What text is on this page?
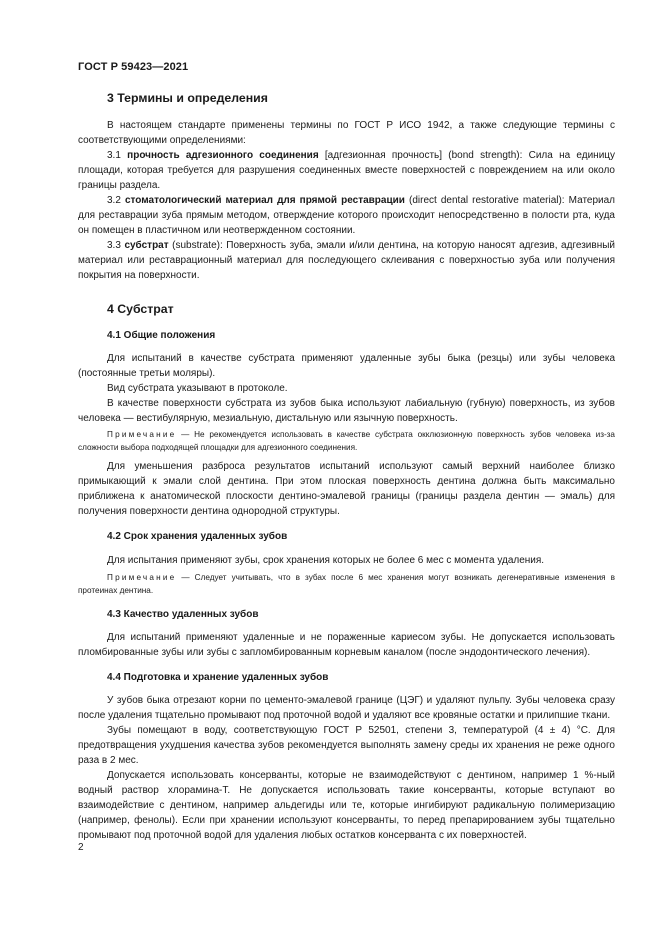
ГОСТ Р 59423—2021
3 Термины и определения

В настоящем стандарте применены термины по ГОСТ Р ИСО 1942, а также следующие термины с соответствующими определениями:

3.1 прочность адгезионного соединения [адгезионная прочность] (bond strength): Сила на единицу площади, которая требуется для разрушения соединенных вместе поверхностей с повреждением на или около границы раздела.

3.2 стоматологический материал для прямой реставрации (direct dental restorative material): Материал для реставрации зуба прямым методом, отверждение которого происходит непосредственно в полости рта, куда он помещен в пластичном или неотвержденном состоянии.

3.3 субстрат (substrate): Поверхность зуба, эмали и/или дентина, на которую наносят адгезив, адгезивный материал или реставрационный материал для последующего склеивания с поверхностью зуба или получения покрытия на поверхности.

4 Субстрат
4.1 Общие положения

Для испытаний в качестве субстрата применяют удаленные зубы быка (резцы) или зубы человека (постоянные третьи моляры).

Вид субстрата указывают в протоколе.

В качестве поверхности субстрата из зубов быка используют лабиальную (губную) поверхность, из зубов человека — вестибулярную, мезиальную, дистальную или язычную поверхность.

Примечание — Не рекомендуется использовать в качестве субстрата окклюзионную поверхность зубов человека из-за сложности выбора подходящей площадки для адгезионного соединения.

Для уменьшения разброса результатов испытаний используют самый верхний наиболее близко примыкающий к эмали слой дентина. При этом плоская поверхность дентина должна быть максимально приближена к анатомической плоскости дентино-эмалевой границы (границы раздела дентин — эмаль) для получения поверхности дентина однородной структуры.

4.2 Срок хранения удаленных зубов

Для испытания применяют зубы, срок хранения которых не более 6 мес с момента удаления.

Примечание — Следует учитывать, что в зубах после 6 мес хранения могут возникать дегенеративные изменения в протеинах дентина.

4.3 Качество удаленных зубов

Для испытаний применяют удаленные и не пораженные кариесом зубы. Не допускается использовать пломбированные зубы или зубы с запломбированным корневым каналом (после эндодонтического лечения).

4.4 Подготовка и хранение удаленных зубов

У зубов быка отрезают корни по цементо-эмалевой границе (ЦЭГ) и удаляют пульпу. Зубы человека сразу после удаления тщательно промывают под проточной водой и удаляют все кровяные остатки и прилипшие ткани.

Зубы помещают в воду, соответствующую ГОСТ Р 52501, степени 3, температурой (4 ± 4) °С. Для предотвращения ухудшения качества зубов рекомендуется выполнять замену среды их хранения не реже одного раза в 2 мес.

Допускается использовать консерванты, которые не взаимодействуют с дентином, например 1 %-ный водный раствор хлорамина-Т. Не допускается использовать такие консерванты, которые вступают во взаимодействие с дентином, например альдегиды или те, которые ингибируют радикальную полимеризацию (например, фенолы). Если при хранении используют консерванты, то перед препарированием зубы тщательно промывают под проточной водой для удаления любых остатков консерванта с их поверхностей.

2
